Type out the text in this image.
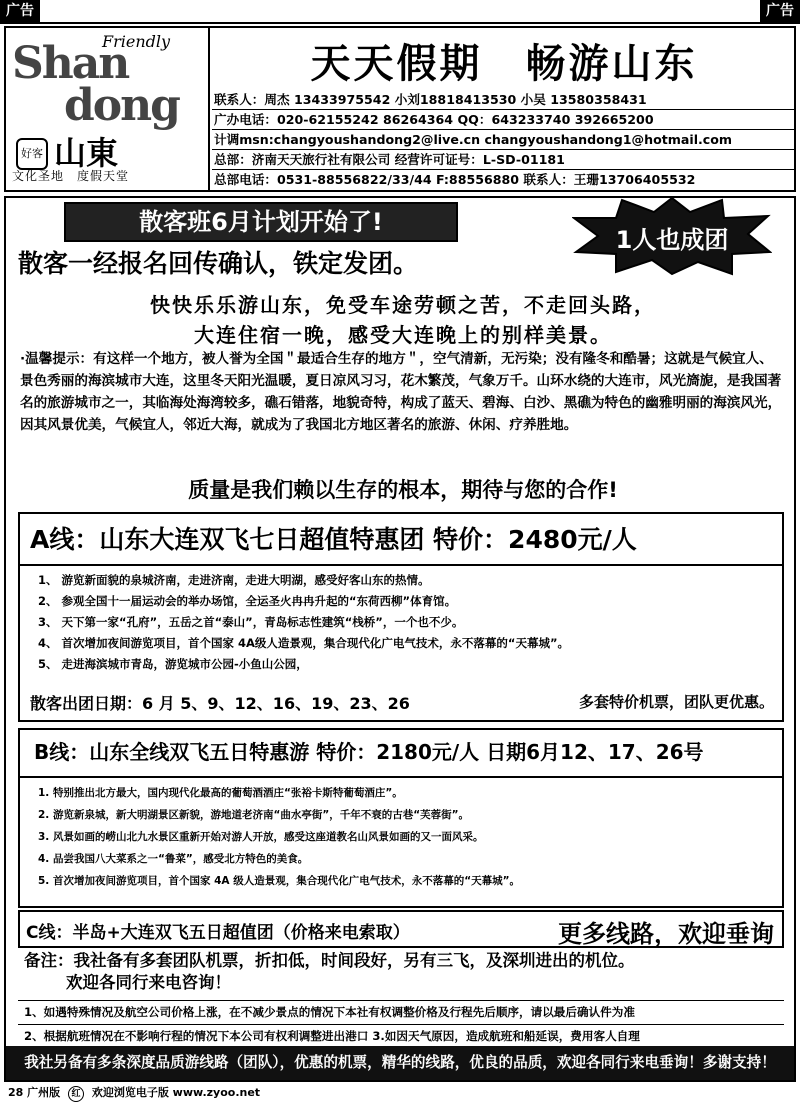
广告	广告
Shan
Friendly
dong
好客 山東
文化圣地　度假天堂
天天假期　畅游山东
联系人：周杰 13433975542 小刘18818413530 小吴 13580358431
广办电话：020-62155242 86264364 QQ：643233740 392665200
计调msn:changyoushandong2@live.cn changyoushandong1@hotmail.com
总部：济南天天旅行社有限公司 经营许可证号：L-SD-01181
总部电话：0531-88556822/33/44 F:88556880 联系人：王珊13706405532
散客班6月计划开始了!
1人也成团
散客一经报名回传确认，铁定发团。
快快乐乐游山东，免受车途劳顿之苦，不走回头路，
大连住宿一晚，感受大连晚上的别样美景。
·温馨提示：有这样一个地方，被人誉为全国＂最适合生存的地方＂，空气清新，无污染；没有隆冬和酷暑；这就是气候宜人、景色秀丽的海滨城市大连，这里冬天阳光温暖，夏日凉风习习，花木繁茂，气象万千。山环水绕的大连市，风光旖旎，是我国著名的旅游城市之一，其临海处海湾较多，礁石错落，地貌奇特，构成了蓝天、碧海、白沙、黑礁为特色的幽雅明丽的海滨风光，因其风景优美，气候宜人，邻近大海，就成为了我国北方地区著名的旅游、休闲、疗养胜地。
质量是我们赖以生存的根本，期待与您的合作!
A线：山东大连双飞七日超值特惠团 特价：2480元/人
1、 游览新面貌的泉城济南，走进济南，走进大明湖，感受好客山东的热情。
2、 参观全国十一届运动会的举办场馆，全运圣火冉冉升起的“东荷西柳”体育馆。
3、 天下第一家“孔府”，五岳之首“泰山”，青岛标志性建筑“栈桥”，一个也不少。
4、 首次增加夜间游览项目，首个国家 4A级人造景观，集合现代化广电气技术，永不落幕的“天幕城”。
5、 走进海滨城市青岛，游览城市公园-小鱼山公园，
散客出团日期：6 月 5、9、12、16、19、23、26	多套特价机票，团队更优惠。
B线：山东全线双飞五日特惠游 特价：2180元/人 日期6月12、17、26号
1. 特别推出北方最大，国内现代化最高的葡萄酒酒庄“张裕卡斯特葡萄酒庄”。
2. 游览新泉城，新大明湖景区新貌，游地道老济南“曲水亭街”，千年不衰的古巷“芙蓉街”。
3. 风景如画的崂山北九水景区重新开始对游人开放，感受这座道教名山风景如画的又一面风采。
4. 品尝我国八大菜系之一“鲁菜”，感受北方特色的美食。
5. 首次增加夜间游览项目，首个国家 4A 级人造景观，集合现代化广电气技术，永不落幕的“天幕城”。
C线：半岛+大连双飞五日超值团（价格来电索取）	更多线路，欢迎垂询
备注：我社备有多套团队机票，折扣低，时间段好，另有三飞，及深圳进出的机位。
欢迎各同行来电咨询！
1、如遇特殊情况及航空公司价格上涨，在不减少景点的情况下本社有权调整价格及行程先后顺序，请以最后确认件为准
2、根据航班情况在不影响行程的情况下本公司有权利调整进出港口 3.如因天气原因，造成航班和船延误，费用客人自理
我社另备有多条深度品质游线路（团队），优惠的机票，精华的线路，优良的品质，欢迎各同行来电垂询！多谢支持！
28 广州版 红 欢迎浏览电子版 www.zyoo.net
